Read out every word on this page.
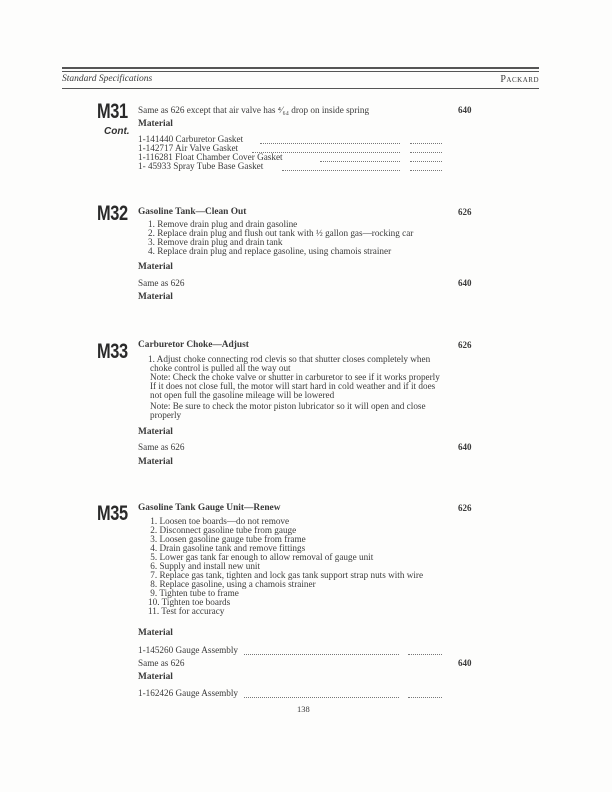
Standard Specifications	Packard
M31
Cont.
Same as 626 except that air valve has ⁴⁄₆₄ drop on inside spring	640
Material
1-141440 Carburetor Gasket
1-142717 Air Valve Gasket
1-116281 Float Chamber Cover Gasket
1- 45933 Spray Tube Base Gasket
M32 Gasoline Tank—Clean Out	626
1. Remove drain plug and drain gasoline
2. Replace drain plug and flush out tank with ½ gallon gas—rocking car
3. Remove drain plug and drain tank
4. Replace drain plug and replace gasoline, using chamois strainer
Material
Same as 626	640
Material
M33 Carburetor Choke—Adjust	626
1. Adjust choke connecting rod clevis so that shutter closes completely when
choke control is pulled all the way out
Note: Check the choke valve or shutter in carburetor to see if it works properly
If it does not close full, the motor will start hard in cold weather and if it does
not open full the gasoline mileage will be lowered
Note: Be sure to check the motor piston lubricator so it will open and close
properly
Material
Same as 626	640
Material
M35 Gasoline Tank Gauge Unit—Renew	626
1. Loosen toe boards—do not remove
2. Disconnect gasoline tube from gauge
3. Loosen gasoline gauge tube from frame
4. Drain gasoline tank and remove fittings
5. Lower gas tank far enough to allow removal of gauge unit
6. Supply and install new unit
7. Replace gas tank, tighten and lock gas tank support strap nuts with wire
8. Replace gasoline, using a chamois strainer
9. Tighten tube to frame
10. Tighten toe boards
11. Test for accuracy
Material
1-145260 Gauge Assembly
Same as 626	640
Material
1-162426 Gauge Assembly
138
